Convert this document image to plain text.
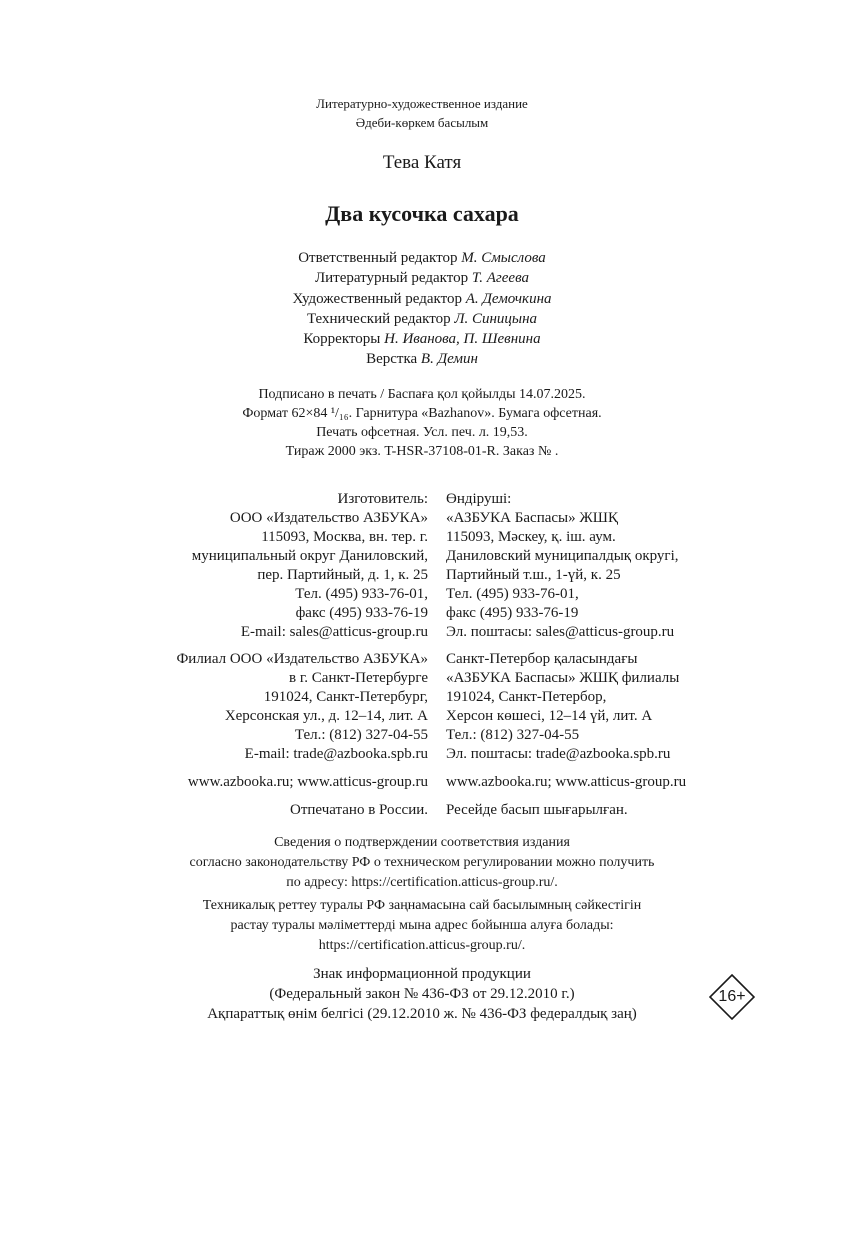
Литературно-художественное издание
Әдеби-көркем басылым
Тева Катя
Два кусочка сахара
Ответственный редактор М. Смыслова
Литературный редактор Т. Агеева
Художественный редактор А. Демочкина
Технический редактор Л. Синицына
Корректоры Н. Иванова, П. Шевнина
Верстка В. Демин
Подписано в печать / Баспаға қол қойылды 14.07.2025.
Формат 62×84 ¹/₁₆. Гарнитура «Bazhanov». Бумага офсетная.
Печать офсетная. Усл. печ. л. 19,53.
Тираж 2000 экз. T-HSR-37108-01-R. Заказ № .
Изготовитель:
ООО «Издательство АЗБУКА»
115093, Москва, вн. тер. г.
муниципальный округ Даниловский,
пер. Партийный, д. 1, к. 25
Тел. (495) 933-76-01,
факс (495) 933-76-19
E-mail: sales@atticus-group.ru
Өндіруші:
«АЗБУКА Баспасы» ЖШҚ
115093, Мәскеу, қ. іш. аум.
Даниловский муниципалдық округі,
Партийный т.ш., 1-үй, к. 25
Тел. (495) 933-76-01,
факс (495) 933-76-19
Эл. поштасы: sales@atticus-group.ru
Филиал ООО «Издательство АЗБУКА»
в г. Санкт-Петербурге
191024, Санкт-Петербург,
Херсонская ул., д. 12–14, лит. А
Тел.: (812) 327-04-55
E-mail: trade@azbooka.spb.ru
Санкт-Петербор қаласындағы
«АЗБУКА Баспасы» ЖШҚ филиалы
191024, Санкт-Петербор,
Херсон көшесі, 12–14 үй, лит. А
Тел.: (812) 327-04-55
Эл. поштасы: trade@azbooka.spb.ru
www.azbooka.ru; www.atticus-group.ru www.azbooka.ru; www.atticus-group.ru
Отпечатано в России. Ресейде басып шығарылған.
Сведения о подтверждении соответствия издания
согласно законодательству РФ о техническом регулировании можно получить
по адресу: https://certification.atticus-group.ru/.
Техникалық реттеу туралы РФ заңнамасына сай басылымның сәйкестігін
растау туралы мәліметтерді мына адрес бойынша алуға болады:
https://certification.atticus-group.ru/.
Знак информационной продукции
(Федеральный закон № 436-ФЗ от 29.12.2010 г.)
Ақпараттық өнім белгісі (29.12.2010 ж. № 436-ФЗ федералдық заң)
16+
